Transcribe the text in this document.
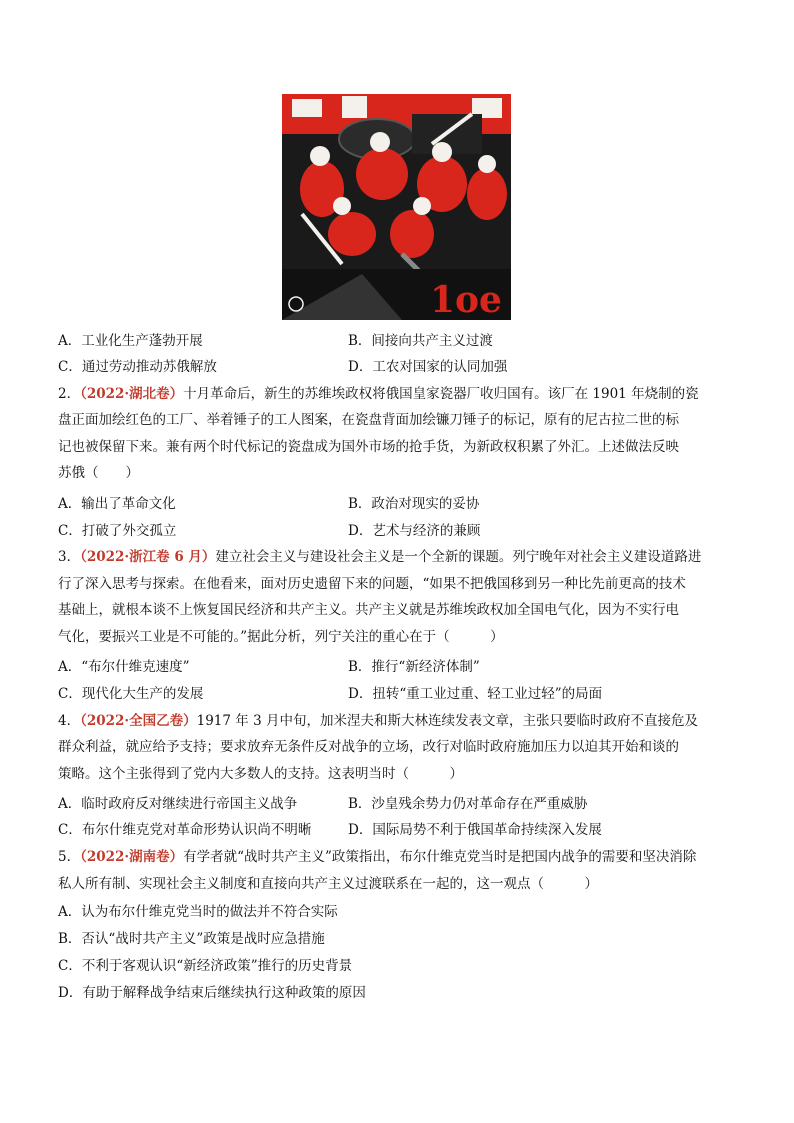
1ое
A．工业化生产蓬勃开展	B．间接向共产主义过渡
C．通过劳动推动苏俄解放	D．工农对国家的认同加强
2．（2022·湖北卷）十月革命后，新生的苏维埃政权将俄国皇家瓷器厂收归国有。该厂在 1901 年烧制的瓷
盘正面加绘红色的工厂、举着锤子的工人图案，在瓷盘背面加绘镰刀锤子的标记，原有的尼古拉二世的标
记也被保留下来。兼有两个时代标记的瓷盘成为国外市场的抢手货，为新政权积累了外汇。上述做法反映
苏俄（　　）
A．输出了革命文化	B．政治对现实的妥协
C．打破了外交孤立	D．艺术与经济的兼顾
3．（2022·浙江卷 6 月）建立社会主义与建设社会主义是一个全新的课题。列宁晚年对社会主义建设道路进
行了深入思考与探索。在他看来，面对历史遗留下来的问题，“如果不把俄国移到另一种比先前更高的技术
基础上，就根本谈不上恢复国民经济和共产主义。共产主义就是苏维埃政权加全国电气化，因为不实行电
气化，要振兴工业是不可能的。”据此分析，列宁关注的重心在于（　　　）
A．“布尔什维克速度”	B．推行“新经济体制”
C．现代化大生产的发展	D．扭转“重工业过重、轻工业过轻”的局面
4．（2022·全国乙卷）1917 年 3 月中旬，加米涅夫和斯大林连续发表文章，主张只要临时政府不直接危及
群众利益，就应给予支持；要求放弃无条件反对战争的立场，改行对临时政府施加压力以迫其开始和谈的
策略。这个主张得到了党内大多数人的支持。这表明当时（　　　）
A．临时政府反对继续进行帝国主义战争	B．沙皇残余势力仍对革命存在严重威胁
C．布尔什维克党对革命形势认识尚不明晰	D．国际局势不利于俄国革命持续深入发展
5．（2022·湖南卷）有学者就“战时共产主义”政策指出，布尔什维克党当时是把国内战争的需要和坚决消除
私人所有制、实现社会主义制度和直接向共产主义过渡联系在一起的，这一观点（　　　）
A．认为布尔什维克党当时的做法并不符合实际
B．否认“战时共产主义”政策是战时应急措施
C．不利于客观认识“新经济政策”推行的历史背景
D．有助于解释战争结束后继续执行这种政策的原因
